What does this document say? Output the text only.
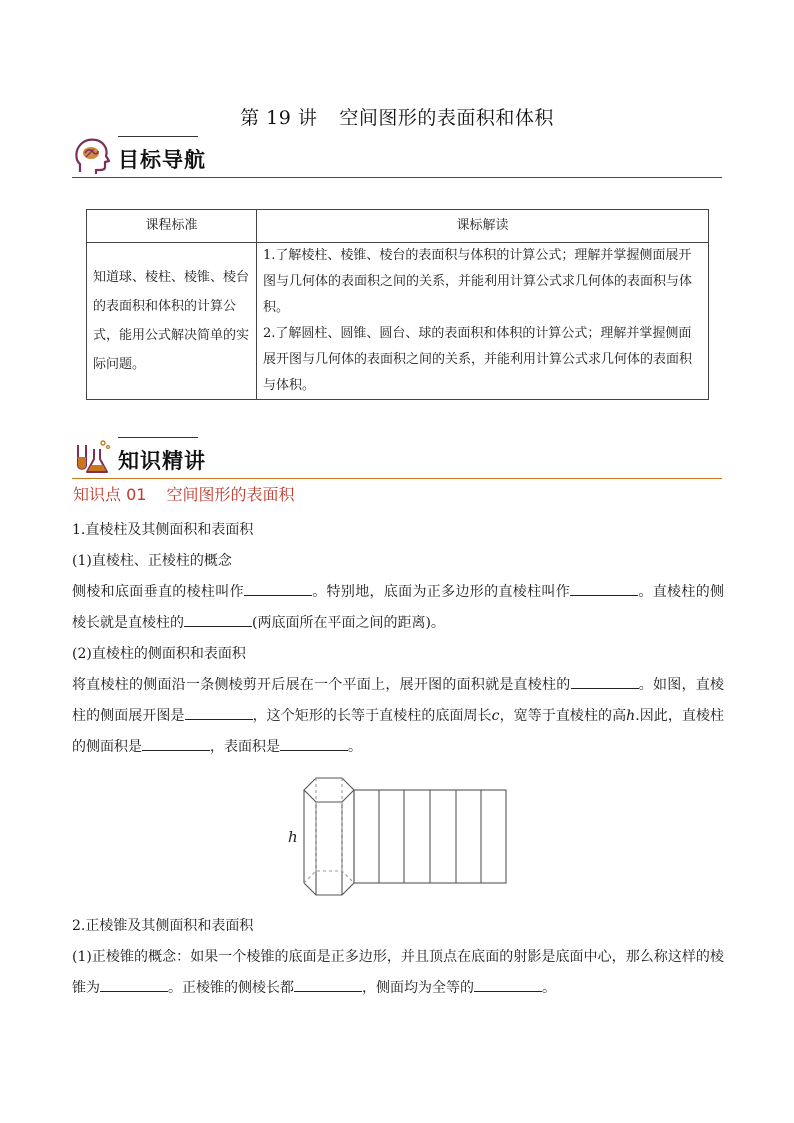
第 19 讲 空间图形的表面积和体积
目标导航
课程标准	课标解读
知道球、棱柱、棱锥、棱台的表面积和体积的计算公式，能用公式解决简单的实际问题。	1.了解棱柱、棱锥、棱台的表面积与体积的计算公式；理解并掌握侧面展开图与几何体的表面积之间的关系，并能利用计算公式求几何体的表面积与体积。
2.了解圆柱、圆锥、圆台、球的表面积和体积的计算公式；理解并掌握侧面展开图与几何体的表面积之间的关系，并能利用计算公式求几何体的表面积与体积。
知识精讲
知识点 01 空间图形的表面积
1.直棱柱及其侧面积和表面积
(1)直棱柱、正棱柱的概念
侧棱和底面垂直的棱柱叫作	。特别地，底面为正多边形的直棱柱叫作	。直棱柱的侧棱长就是直棱柱的	(两底面所在平面之间的距离)。
(2)直棱柱的侧面积和表面积
将直棱柱的侧面沿一条侧棱剪开后展在一个平面上，展开图的面积就是直棱柱的	。如图，直棱柱的侧面展开图是	，这个矩形的长等于直棱柱的底面周长c，宽等于直棱柱的高h.因此，直棱柱的侧面积是	，表面积是	。
h
2.正棱锥及其侧面积和表面积
(1)正棱锥的概念：如果一个棱锥的底面是正多边形，并且顶点在底面的射影是底面中心，那么称这样的棱锥为	。正棱锥的侧棱长都	，侧面均为全等的	。
